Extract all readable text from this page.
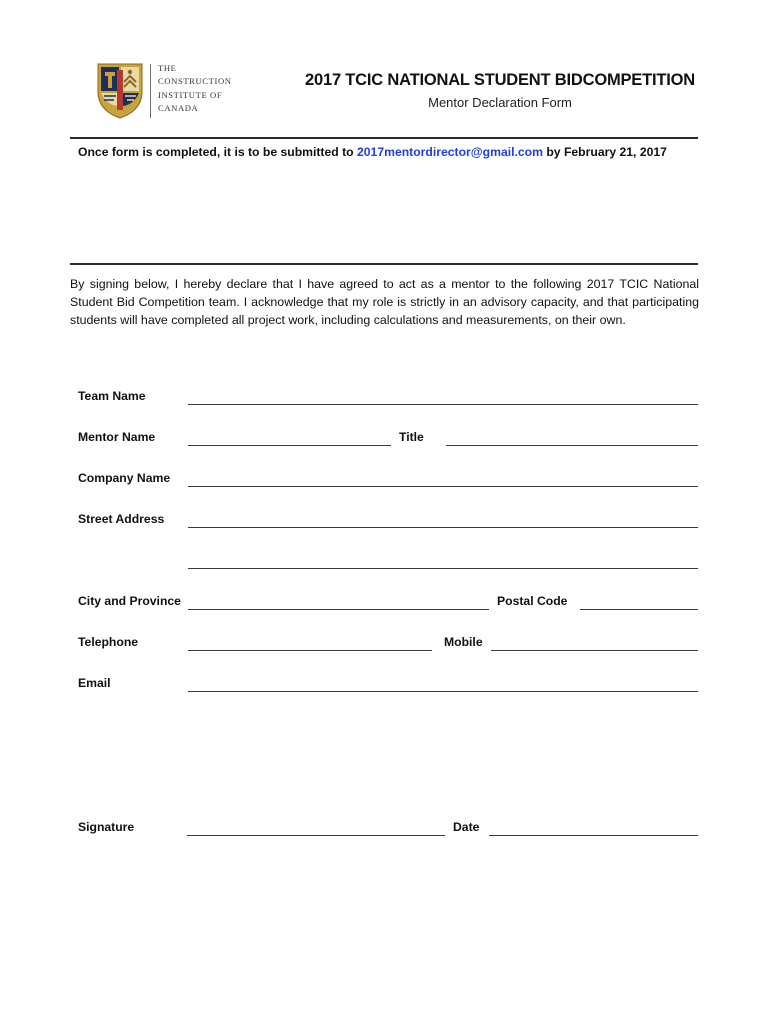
THE
CONSTRUCTION
INSTITUTE OF
CANADA
2017 TCIC NATIONAL STUDENT BIDCOMPETITION
Mentor Declaration Form
Once form is completed, it is to be submitted to 2017mentordirector@gmail.com by February 21, 2017
By signing below, I hereby declare that I have agreed to act as a mentor to the following 2017 TCIC National Student Bid Competition team. I acknowledge that my role is strictly in an advisory capacity, and that participating students will have completed all project work, including calculations and measurements, on their own.
Team Name
Mentor Name	Title
Company Name
Street Address
City and Province	Postal Code
Telephone	Mobile
Email
Signature	Date
